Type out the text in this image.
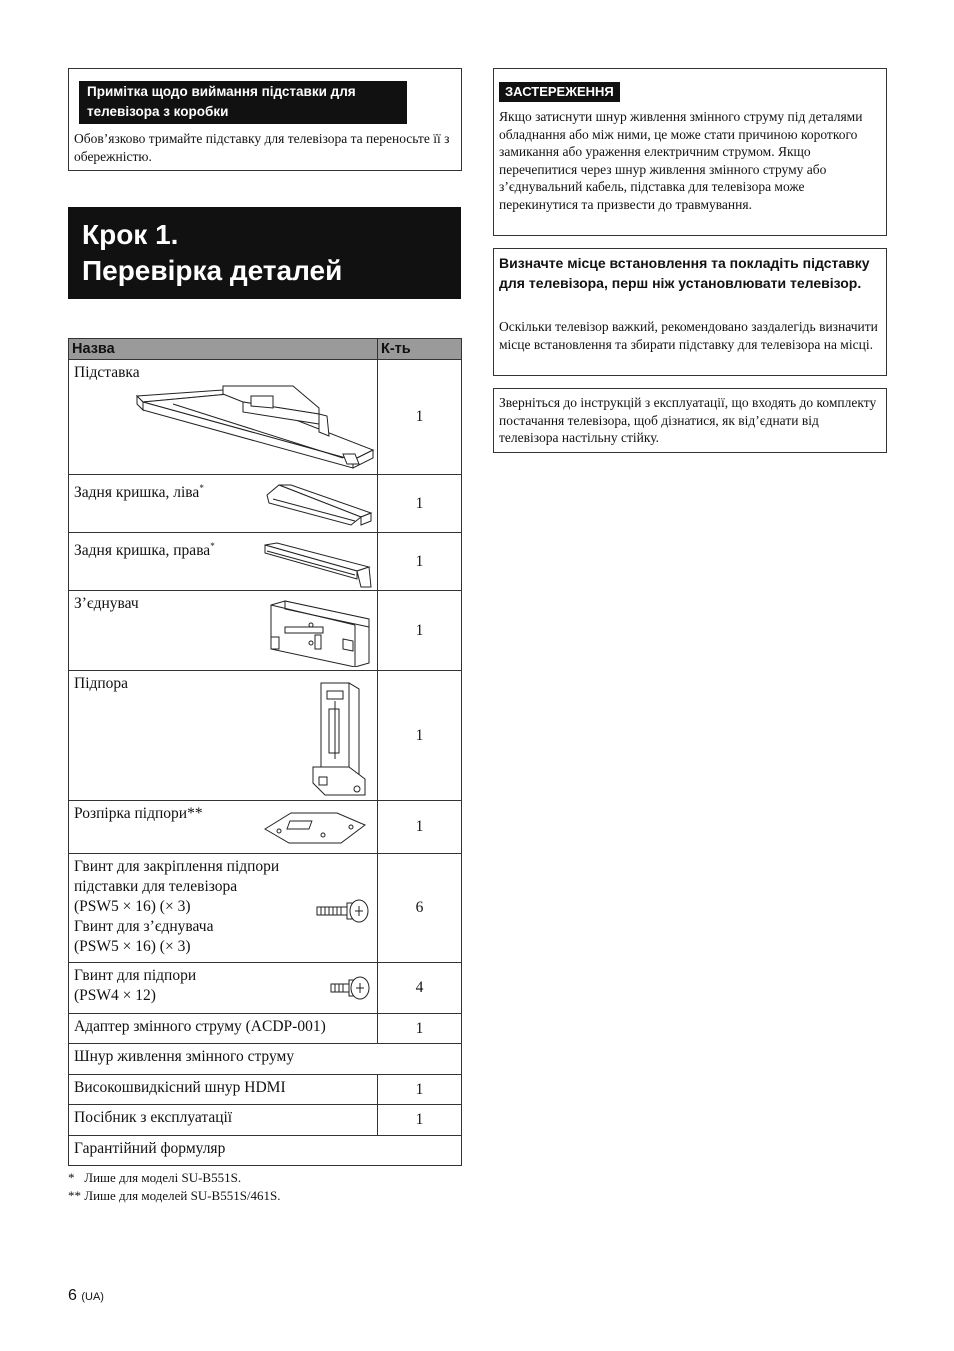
Примітка щодо виймання підставки для телевізора з коробки
Обов’язково тримайте підставку для телевізора та переносьте її з обережністю.
Крок 1.
Перевірка деталей
Назва	К-ть
Підставка	1
Задня кришка, ліва*	1
Задня кришка, права*	1
З’єднувач	1
Підпора	1
Розпірка підпори**	1

Гвинт для закріплення підпори
підставки для телевізора
(PSW5 × 16) (× 3)
Гвинт для з’єднувача
(PSW5 × 16) (× 3)	6

Гвинт для підпори
(PSW4 × 12)	4
Адаптер змінного струму (ACDP-001)	1
Шнур живлення змінного струму	
Високошвидкісний шнур HDMI	1
Посібник з експлуатації	1
Гарантійний формуляр	
*   Лише для моделі SU-B551S.
** Лише для моделей SU-B551S/461S.
ЗАСТЕРЕЖЕННЯ
Якщо затиснути шнур живлення змінного струму під деталями обладнання або між ними, це може стати причиною короткого замикання або ураження електричним струмом. Якщо перечепитися через шнур живлення змінного струму або з’єднувальний кабель, підставка для телевізора може перекинутися та призвести до травмування.
Визначте місце встановлення та покладіть підставку для телевізора, перш ніж установлювати телевізор.
Оскільки телевізор важкий, рекомендовано заздалегідь визначити місце встановлення та збирати підставку для телевізора на місці.
Зверніться до інструкцій з експлуатації, що входять до комплекту постачання телевізора, щоб дізнатися, як від’єднати від телевізора настільну стійку.
6 (UA)
